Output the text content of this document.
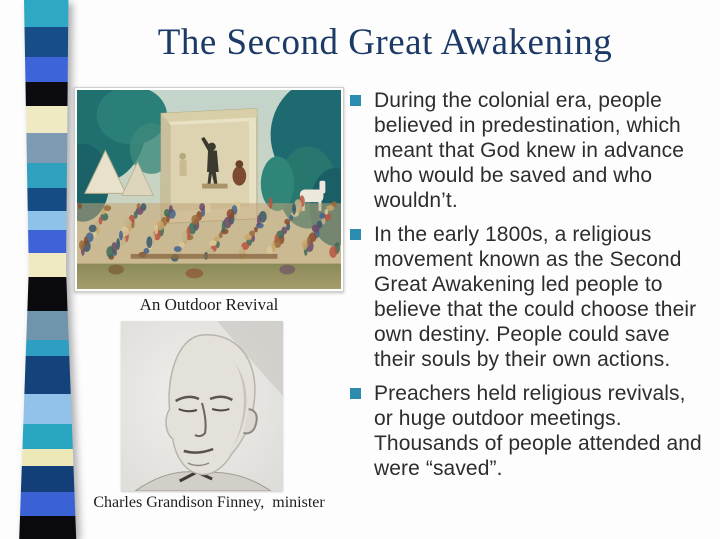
The Second Great Awakening
An Outdoor Revival
Charles Grandison Finney,  minister
During the colonial era, people believed in predestination, which meant that God knew in advance who would be saved and who wouldn’t.
In the early 1800s, a religious movement known as the Second Great Awakening led people to believe that the could choose their own destiny. People could save their souls by their own actions.
Preachers held religious revivals, or huge outdoor meetings. Thousands of people attended and were “saved”.
